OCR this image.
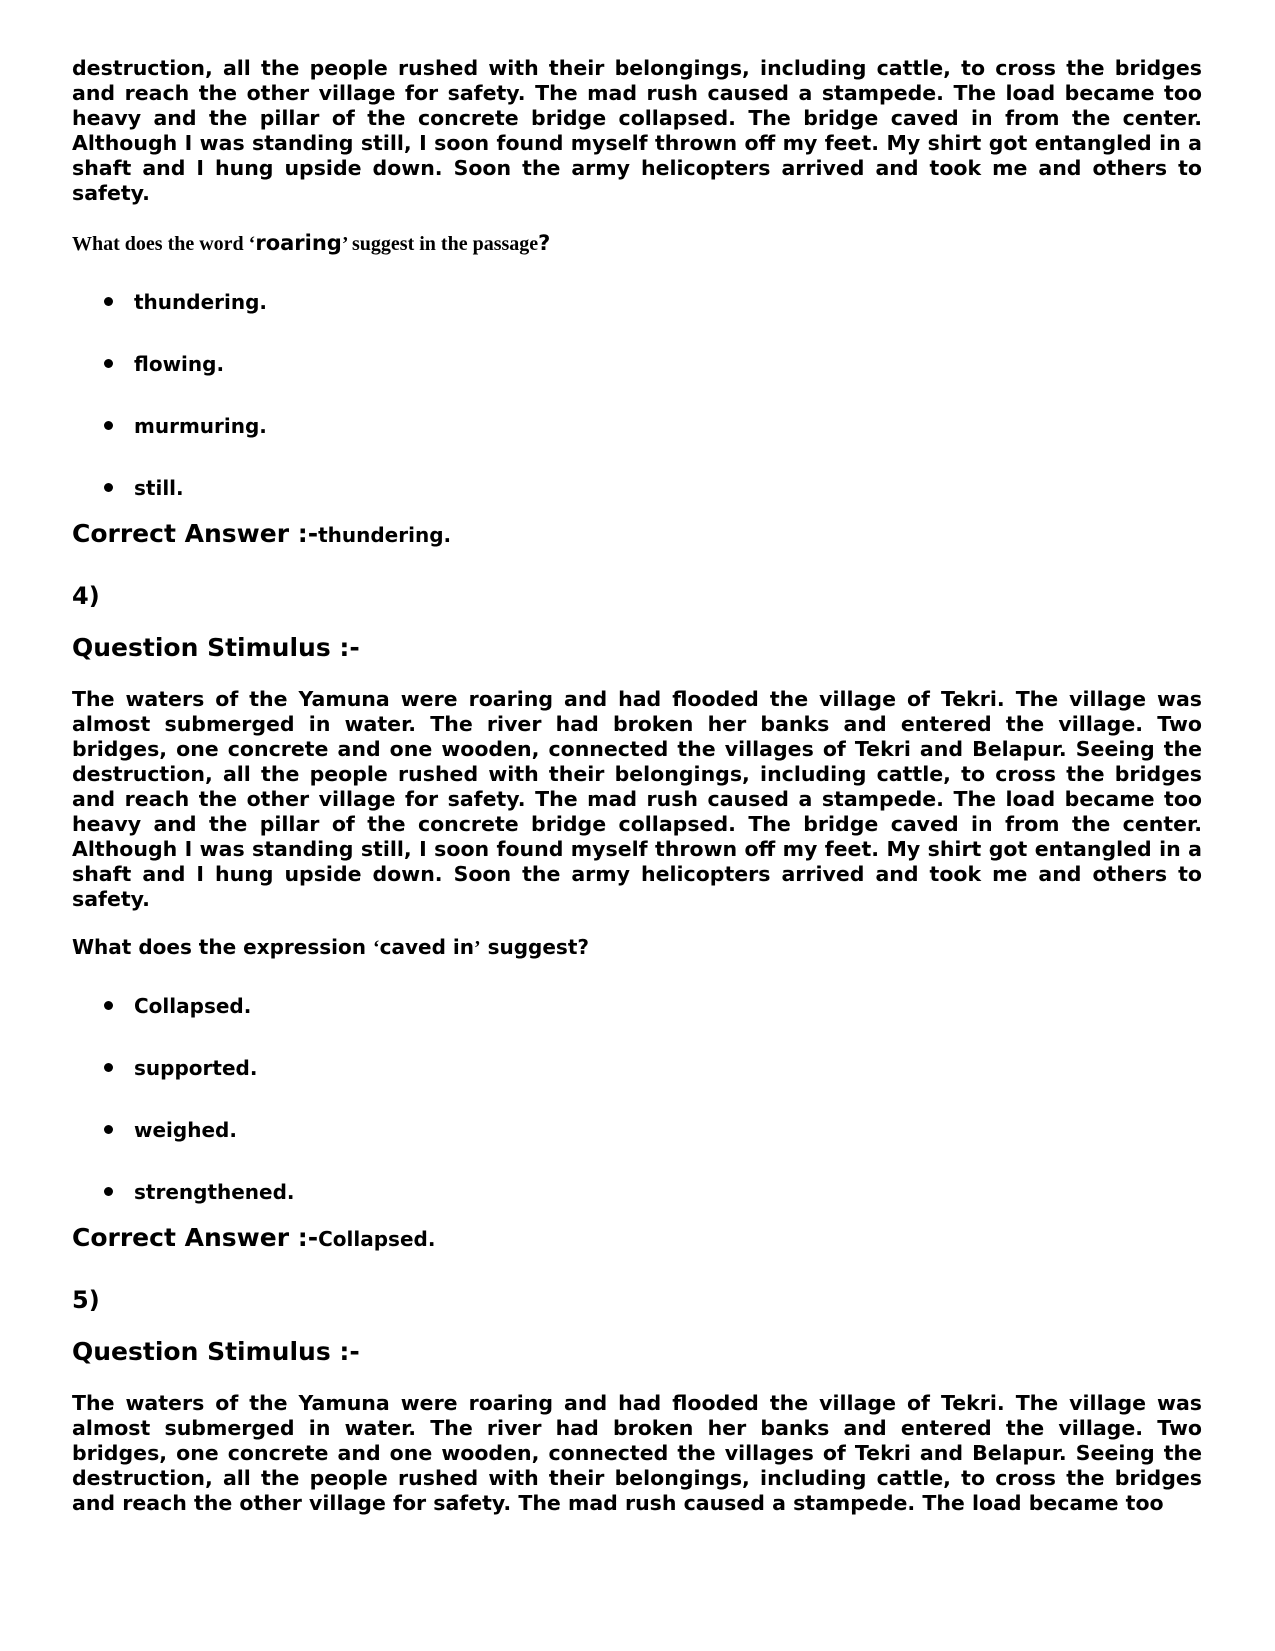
destruction, all the people rushed with their belongings, including cattle, to cross the bridges and reach the other village for safety. The mad rush caused a stampede. The load became too heavy and the pillar of the concrete bridge collapsed. The bridge caved in from the center. Although I was standing still, I soon found myself thrown off my feet. My shirt got entangled in a shaft and I hung upside down. Soon the army helicopters arrived and took me and others to safety.

What does the word ‘roaring’ suggest in the passage?

thundering.
flowing.
murmuring.
still.

Correct Answer :-thundering.

4)

Question Stimulus :-

The waters of the Yamuna were roaring and had flooded the village of Tekri. The village was almost submerged in water. The river had broken her banks and entered the village. Two bridges, one concrete and one wooden, connected the villages of Tekri and Belapur. Seeing the destruction, all the people rushed with their belongings, including cattle, to cross the bridges and reach the other village for safety. The mad rush caused a stampede. The load became too heavy and the pillar of the concrete bridge collapsed. The bridge caved in from the center. Although I was standing still, I soon found myself thrown off my feet. My shirt got entangled in a shaft and I hung upside down. Soon the army helicopters arrived and took me and others to safety.

What does the expression ‘caved in’ suggest?

Collapsed.
supported.
weighed.
strengthened.

Correct Answer :-Collapsed.

5)

Question Stimulus :-

The waters of the Yamuna were roaring and had flooded the village of Tekri. The village was almost submerged in water. The river had broken her banks and entered the village. Two bridges, one concrete and one wooden, connected the villages of Tekri and Belapur. Seeing the destruction, all the people rushed with their belongings, including cattle, to cross the bridges and reach the other village for safety. The mad rush caused a stampede. The load became too
